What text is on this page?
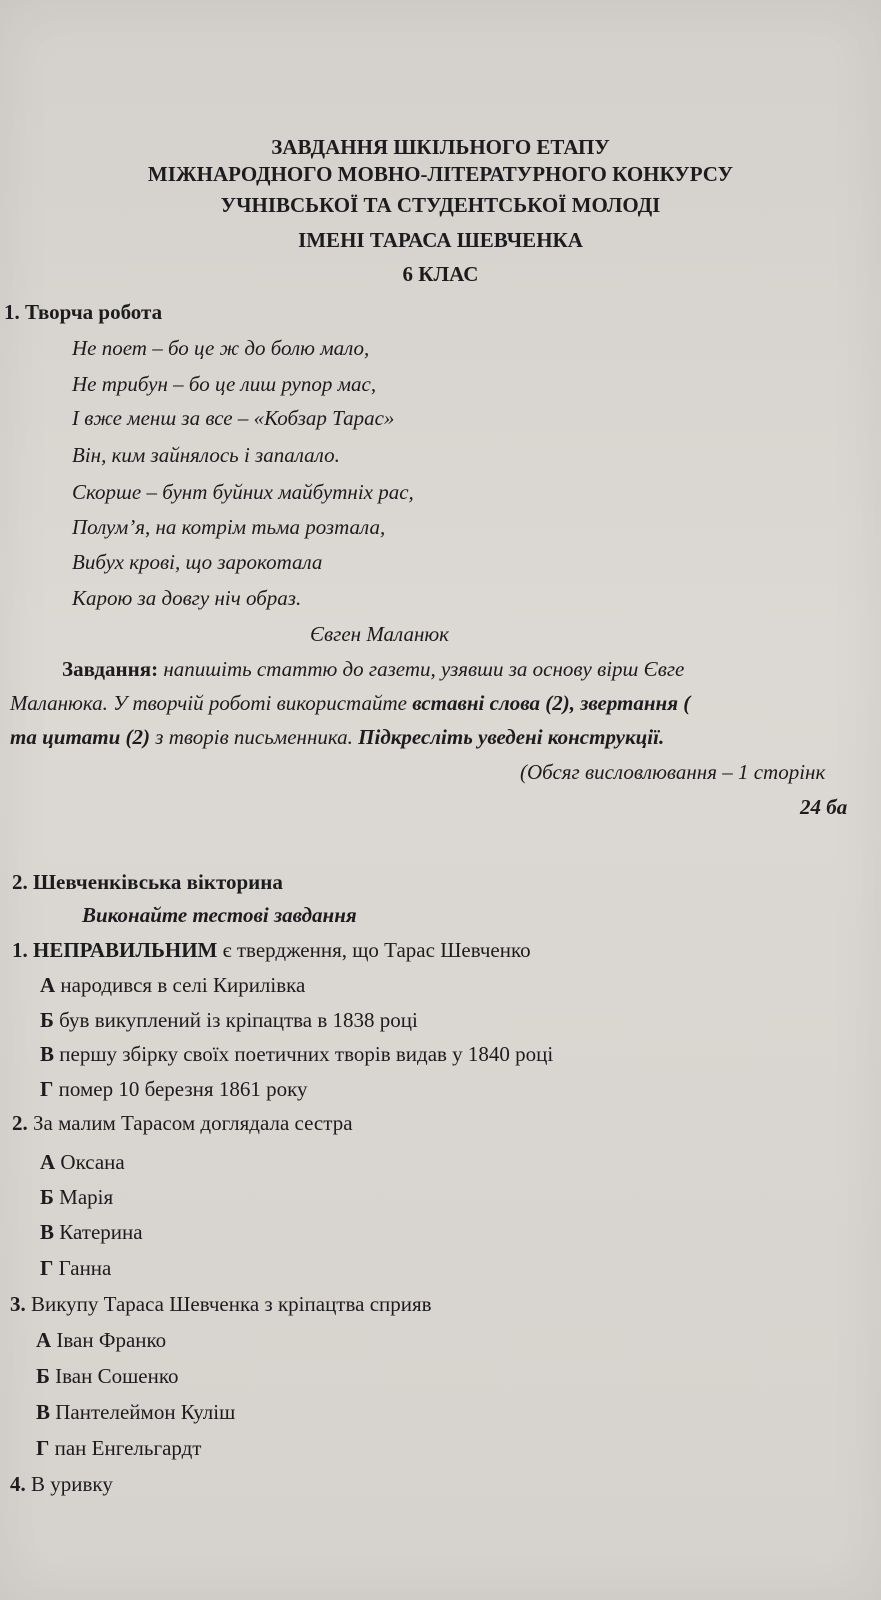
ЗАВДАННЯ ШКІЛЬНОГО ЕТАПУ
МІЖНАРОДНОГО МОВНО-ЛІТЕРАТУРНОГО КОНКУРСУ
УЧНІВСЬКОЇ ТА СТУДЕНТСЬКОЇ МОЛОДІ
ІМЕНІ ТАРАСА ШЕВЧЕНКА
6 КЛАС
1. Творча робота
Не поет – бо це ж до болю мало,
Не трибун – бо це лиш рупор мас,
І вже менш за все – «Кобзар Тарас»
Він, ким зайнялось і запалало.
Скорше – бунт буйних майбутніх рас,
Полум’я, на котрім тьма розтала,
Вибух крові, що зарокотала
Карою за довгу ніч образ.
Євген Маланюк
Завдання: напишіть статтю до газети, узявши за основу вірш Євге
Маланюка. У творчій роботі використайте вставні слова (2), звертання (
та цитати (2) з творів письменника. Підкресліть уведені конструкції.
(Обсяг висловлювання – 1 сторінк
24 ба
2. Шевченківська вікторина
Виконайте тестові завдання
1. НЕПРАВИЛЬНИМ є твердження, що Тарас Шевченко
А народився в селі Кирилівка
Б був викуплений із кріпацтва в 1838 році
В першу збірку своїх поетичних творів видав у 1840 році
Г помер 10 березня 1861 року
2. За малим Тарасом доглядала сестра
А Оксана
Б Марія
В Катерина
Г Ганна
3. Викупу Тараса Шевченка з кріпацтва сприяв
А Іван Франко
Б Іван Сошенко
В Пантелеймон Куліш
Г пан Енгельгардт
4. В уривку
